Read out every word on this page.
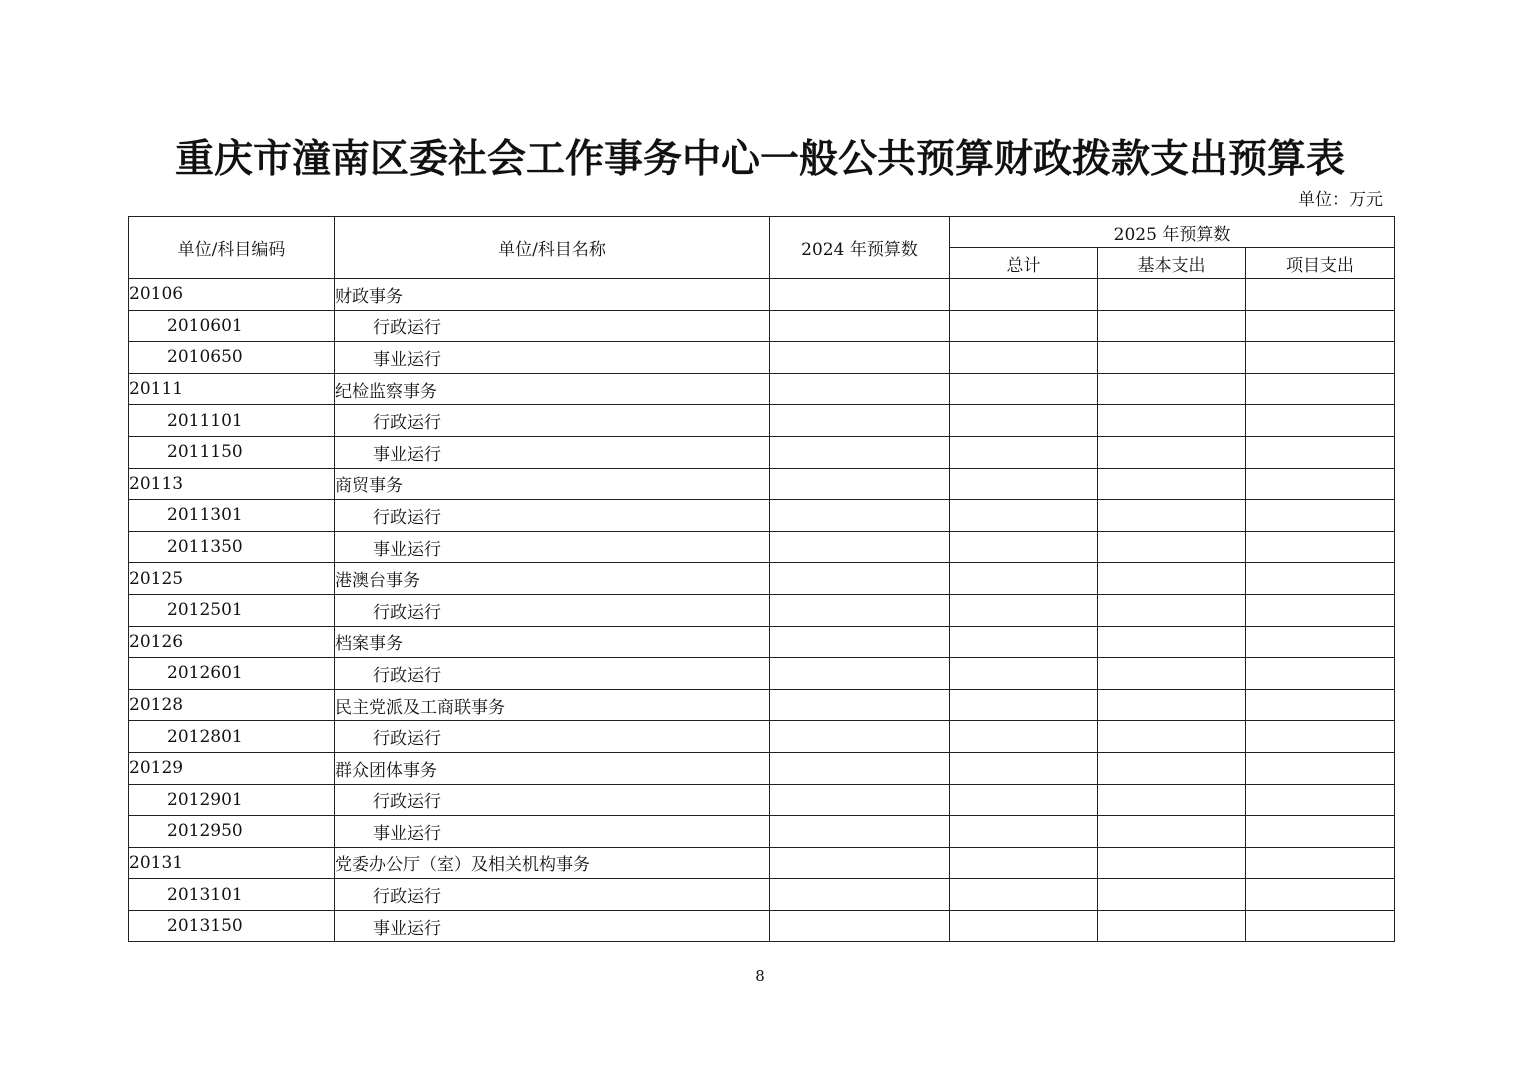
重庆市潼南区委社会工作事务中心一般公共预算财政拨款支出预算表
单位：万元
单位/科目编码	单位/科目名称	2024 年预算数	2025 年预算数		
			总计	基本支出	项目支出
20106	财政事务				
2010601	行政运行				
2010650	事业运行				
20111	纪检监察事务				
2011101	行政运行				
2011150	事业运行				
20113	商贸事务				
2011301	行政运行				
2011350	事业运行				
20125	港澳台事务				
2012501	行政运行				
20126	档案事务				
2012601	行政运行				
20128	民主党派及工商联事务				
2012801	行政运行				
20129	群众团体事务				
2012901	行政运行				
2012950	事业运行				
20131	党委办公厅（室）及相关机构事务				
2013101	行政运行				
2013150	事业运行				
8
